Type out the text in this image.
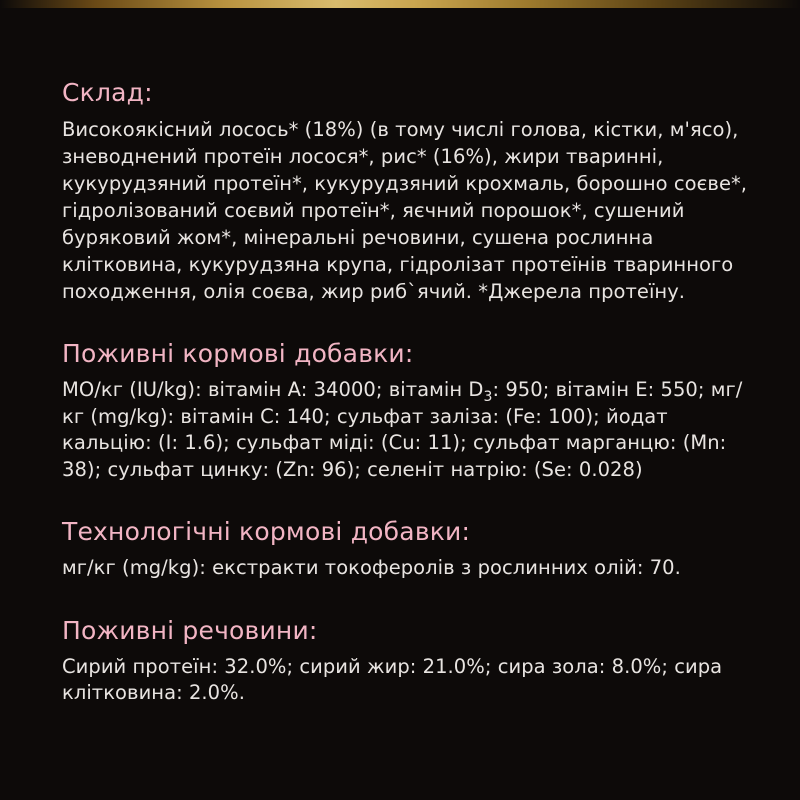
Склад:

Високоякісний лосось* (18%) (в тому числі голова, кістки, м'ясо), зневоднений протеїн лосося*, рис* (16%), жири тваринні, кукурудзяний протеїн*, кукурудзяний крохмаль, борошно соєве*, гідролізований соєвий протеїн*, яєчний порошок*, сушений буряковий жом*, мінеральні речовини, сушена рослинна клітковина, кукурудзяна крупа, гідролізат протеїнів тваринного походження, олія соєва, жир риб`ячий. *Джерела протеїну.

Поживні кормові добавки:

МО/кг (IU/kg): вітамін A: 34000; вітамін $D_3$: 950; вітамін E: 550; мг/кг (mg/kg): вітамін C: 140; сульфат заліза: (Fe: 100); йодат кальцію: (I: 1.6); сульфат міді: (Cu: 11); сульфат марганцю: (Mn: 38); сульфат цинку: (Zn: 96); селеніт натрію: (Se: 0.028)

Технологічні кормові добавки:

мг/кг (mg/kg): екстракти токоферолів з рослинних олій: 70.

Поживні речовини:

Сирий протеїн: 32.0%; сирий жир: 21.0%; сира зола: 8.0%; сира клітковина: 2.0%.
